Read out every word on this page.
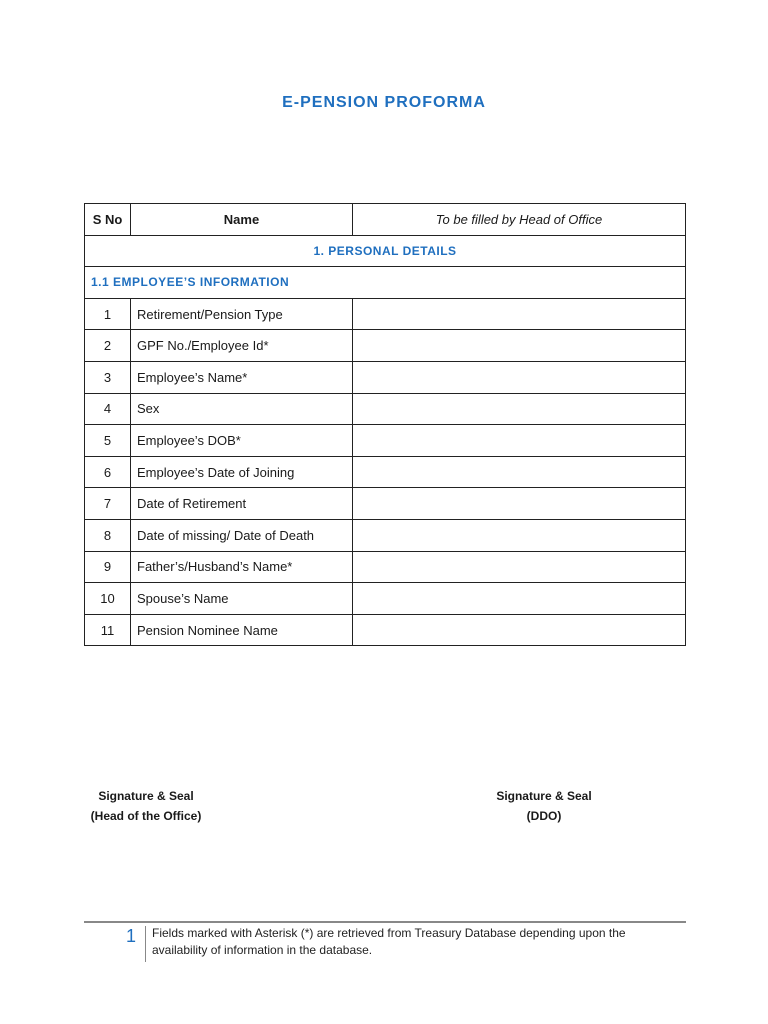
E-PENSION PROFORMA
S No	Name	To be filled by Head of Office
1. PERSONAL DETAILS		
1.1 EMPLOYEE’S INFORMATION		
1	Retirement/Pension Type	
2	GPF No./Employee Id*	
3	Employee’s Name*	
4	Sex	
5	Employee’s DOB*	
6	Employee’s Date of Joining	
7	Date of Retirement	
8	Date of missing/ Date of Death	
9	Father’s/Husband’s Name*	
10	Spouse’s Name	
11	Pension Nominee Name	
Signature & Seal
(Head of the Office)
Signature & Seal
(DDO)
1 Fields marked with Asterisk (*) are retrieved from Treasury Database depending upon the availability of information in the database.
